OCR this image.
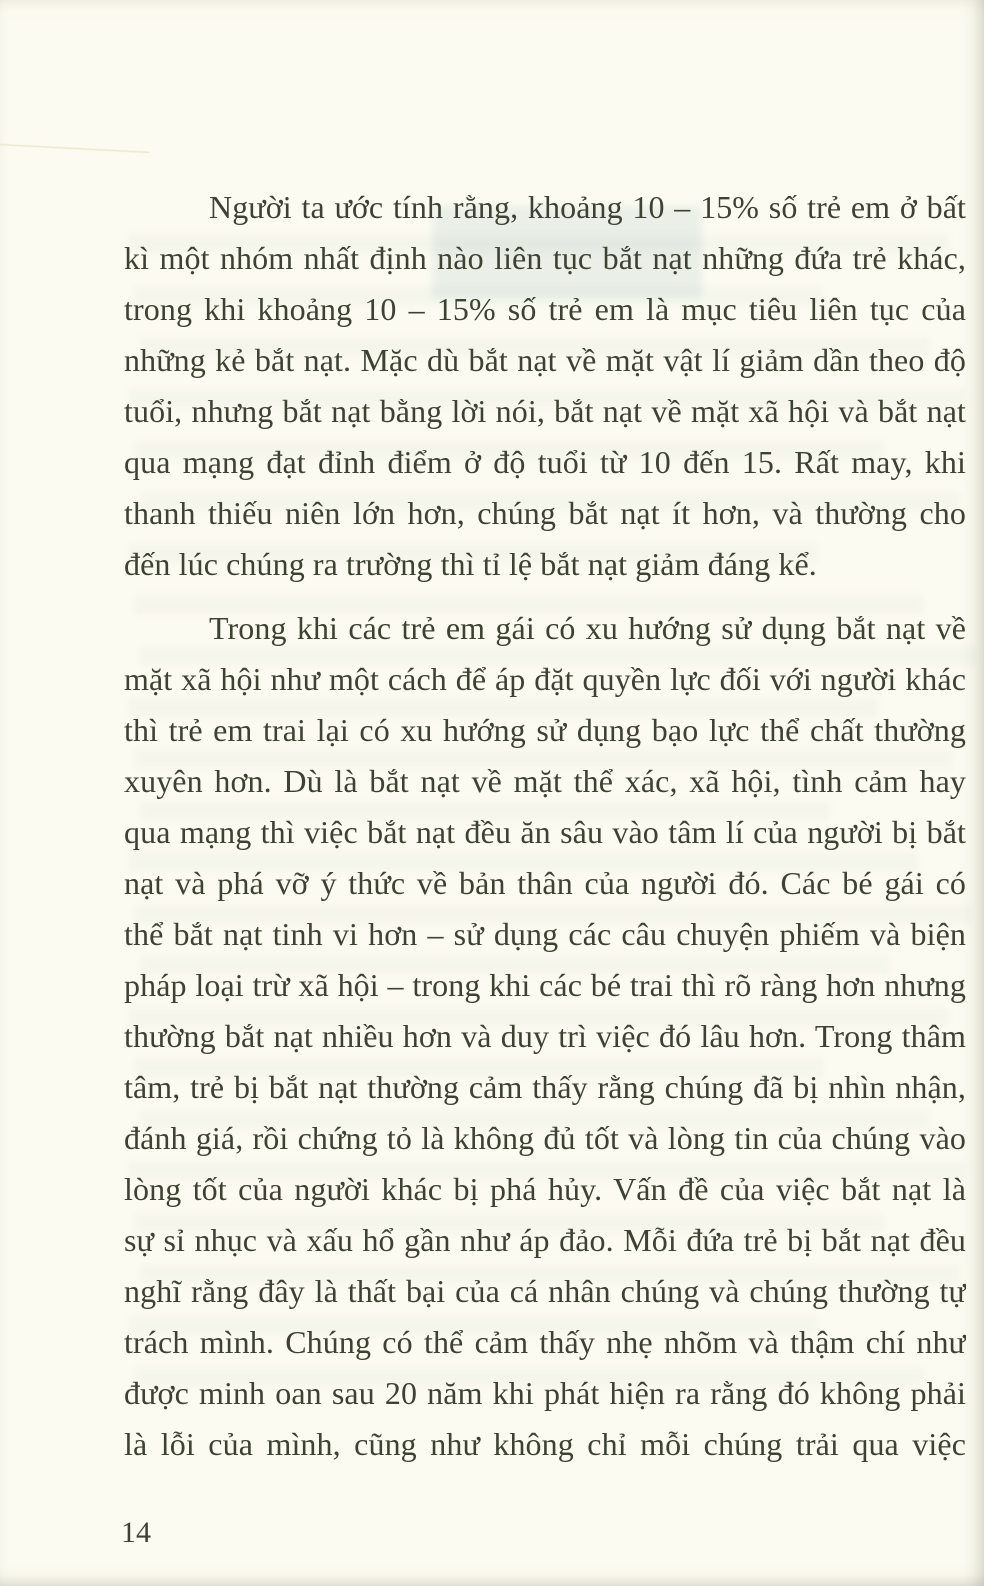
Người ta ước tính rằng, khoảng 10 – 15% số trẻ em ở bất
kì một nhóm nhất định nào liên tục bắt nạt những đứa trẻ khác,
trong khi khoảng 10 – 15% số trẻ em là mục tiêu liên tục của
những kẻ bắt nạt. Mặc dù bắt nạt về mặt vật lí giảm dần theo độ
tuổi, nhưng bắt nạt bằng lời nói, bắt nạt về mặt xã hội và bắt nạt
qua mạng đạt đỉnh điểm ở độ tuổi từ 10 đến 15. Rất may, khi
thanh thiếu niên lớn hơn, chúng bắt nạt ít hơn, và thường cho
đến lúc chúng ra trường thì tỉ lệ bắt nạt giảm đáng kể.
Trong khi các trẻ em gái có xu hướng sử dụng bắt nạt về
mặt xã hội như một cách để áp đặt quyền lực đối với người khác
thì trẻ em trai lại có xu hướng sử dụng bạo lực thể chất thường
xuyên hơn. Dù là bắt nạt về mặt thể xác, xã hội, tình cảm hay
qua mạng thì việc bắt nạt đều ăn sâu vào tâm lí của người bị bắt
nạt và phá vỡ ý thức về bản thân của người đó. Các bé gái có
thể bắt nạt tinh vi hơn – sử dụng các câu chuyện phiếm và biện
pháp loại trừ xã hội – trong khi các bé trai thì rõ ràng hơn nhưng
thường bắt nạt nhiều hơn và duy trì việc đó lâu hơn. Trong thâm
tâm, trẻ bị bắt nạt thường cảm thấy rằng chúng đã bị nhìn nhận,
đánh giá, rồi chứng tỏ là không đủ tốt và lòng tin của chúng vào
lòng tốt của người khác bị phá hủy. Vấn đề của việc bắt nạt là
sự sỉ nhục và xấu hổ gần như áp đảo. Mỗi đứa trẻ bị bắt nạt đều
nghĩ rằng đây là thất bại của cá nhân chúng và chúng thường tự
trách mình. Chúng có thể cảm thấy nhẹ nhõm và thậm chí như
được minh oan sau 20 năm khi phát hiện ra rằng đó không phải
là lỗi của mình, cũng như không chỉ mỗi chúng trải qua việc
14
